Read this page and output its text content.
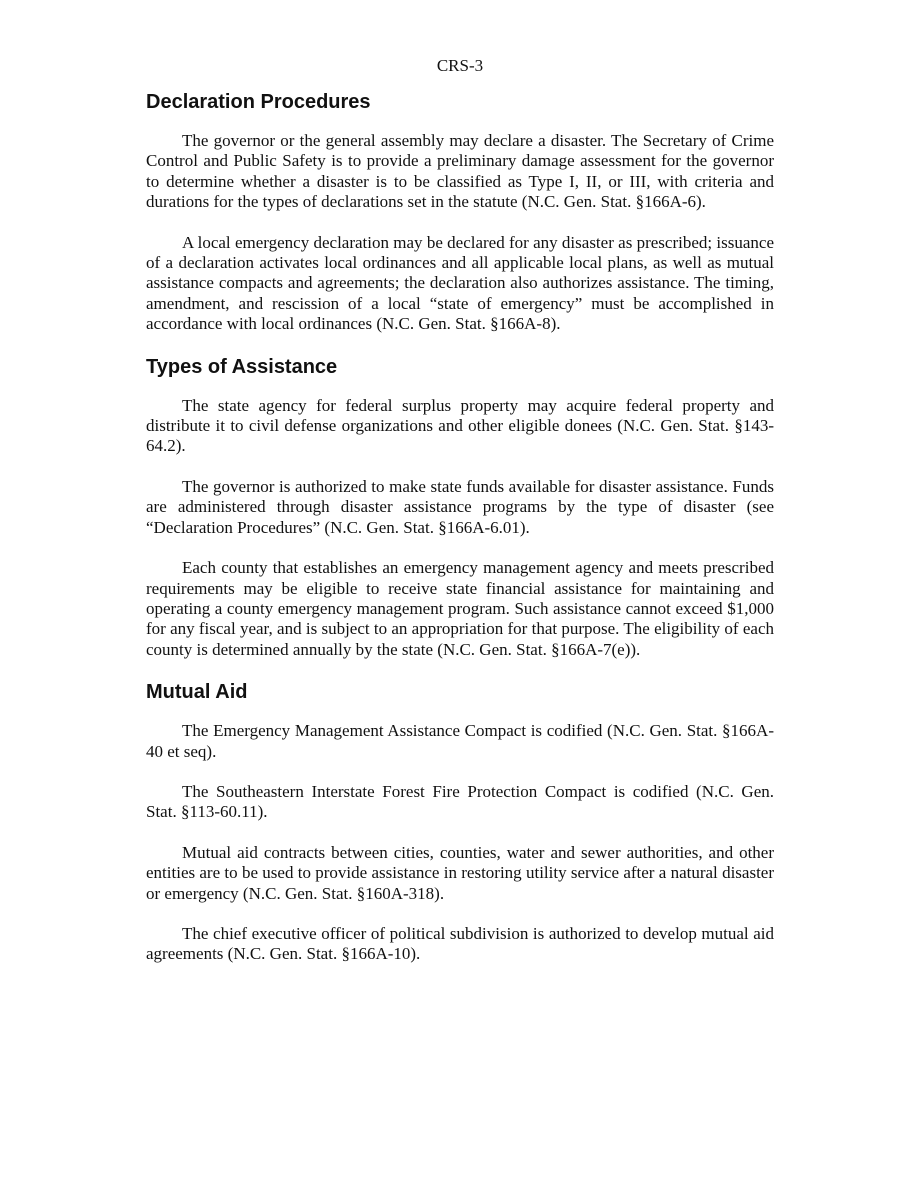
CRS-3
Declaration Procedures

The governor or the general assembly may declare a disaster. The Secretary of Crime Control and Public Safety is to provide a preliminary damage assessment for the governor to determine whether a disaster is to be classified as Type I, II, or III, with criteria and durations for the types of declarations set in the statute (N.C. Gen. Stat. §166A-6).

A local emergency declaration may be declared for any disaster as prescribed; issuance of a declaration activates local ordinances and all applicable local plans, as well as mutual assistance compacts and agreements; the declaration also authorizes assistance. The timing, amendment, and rescission of a local “state of emergency” must be accomplished in accordance with local ordinances (N.C. Gen. Stat. §166A-8).

Types of Assistance

The state agency for federal surplus property may acquire federal property and distribute it to civil defense organizations and other eligible donees (N.C. Gen. Stat. §143-64.2).

The governor is authorized to make state funds available for disaster assistance. Funds are administered through disaster assistance programs by the type of disaster (see “Declaration Procedures” (N.C. Gen. Stat. §166A-6.01).

Each county that establishes an emergency management agency and meets prescribed requirements may be eligible to receive state financial assistance for maintaining and operating a county emergency management program. Such assistance cannot exceed $1,000 for any fiscal year, and is subject to an appropriation for that purpose. The eligibility of each county is determined annually by the state (N.C. Gen. Stat. §166A-7(e)).

Mutual Aid

The Emergency Management Assistance Compact is codified (N.C. Gen. Stat. §166A-40 et seq).

The Southeastern Interstate Forest Fire Protection Compact is codified (N.C. Gen. Stat. §113-60.11).

Mutual aid contracts between cities, counties, water and sewer authorities, and other entities are to be used to provide assistance in restoring utility service after a natural disaster or emergency (N.C. Gen. Stat. §160A-318).

The chief executive officer of political subdivision is authorized to develop mutual aid agreements (N.C. Gen. Stat. §166A-10).
